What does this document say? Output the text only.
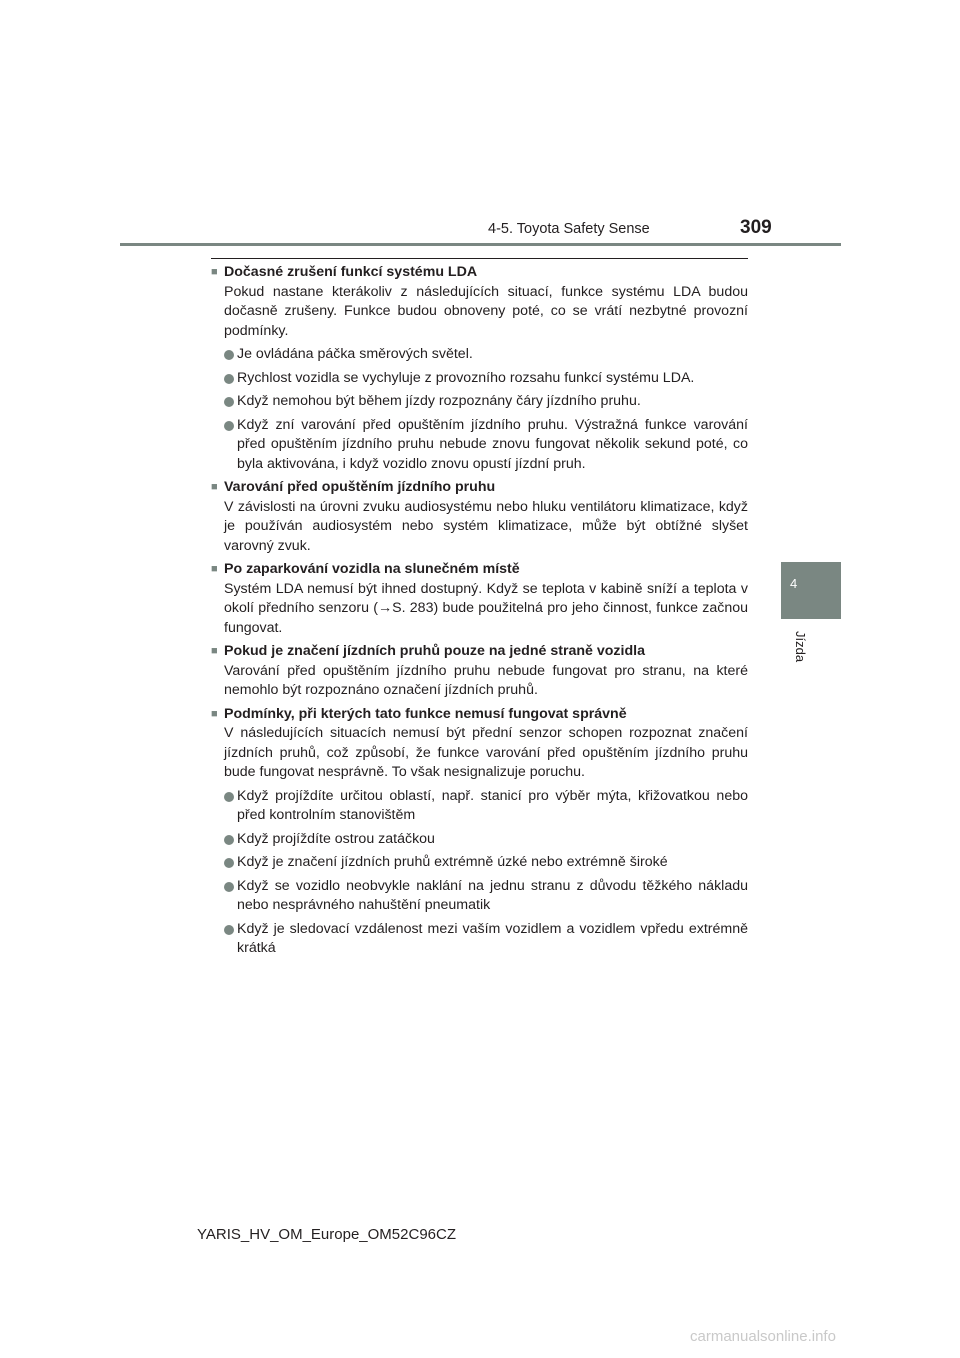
4-5. Toyota Safety Sense	309
4
Jízda
■ Dočasné zrušení funkcí systému LDA
Pokud nastane kterákoliv z následujících situací, funkce systému LDA budou dočasně zrušeny. Funkce budou obnoveny poté, co se vrátí nezbytné provozní podmínky.
Je ovládána páčka směrových světel.
Rychlost vozidla se vychyluje z provozního rozsahu funkcí systému LDA.
Když nemohou být během jízdy rozpoznány čáry jízdního pruhu.
Když zní varování před opuštěním jízdního pruhu. Výstražná funkce varování před opuštěním jízdního pruhu nebude znovu fungovat několik sekund poté, co byla aktivována, i když vozidlo znovu opustí jízdní pruh.
■ Varování před opuštěním jízdního pruhu
V závislosti na úrovni zvuku audiosystému nebo hluku ventilátoru klimatizace, když je používán audiosystém nebo systém klimatizace, může být obtížné slyšet varovný zvuk.
■ Po zaparkování vozidla na slunečném místě
Systém LDA nemusí být ihned dostupný. Když se teplota v kabině sníží a teplota v okolí předního senzoru (→S. 283) bude použitelná pro jeho činnost, funkce začnou fungovat.
■ Pokud je značení jízdních pruhů pouze na jedné straně vozidla
Varování před opuštěním jízdního pruhu nebude fungovat pro stranu, na které nemohlo být rozpoznáno označení jízdních pruhů.
■ Podmínky, při kterých tato funkce nemusí fungovat správně
V následujících situacích nemusí být přední senzor schopen rozpoznat značení jízdních pruhů, což způsobí, že funkce varování před opuštěním jízdního pruhu bude fungovat nesprávně. To však nesignalizuje poruchu.
Když projíždíte určitou oblastí, např. stanicí pro výběr mýta, křižovatkou nebo před kontrolním stanovištěm
Když projíždíte ostrou zatáčkou
Když je značení jízdních pruhů extrémně úzké nebo extrémně široké
Když se vozidlo neobvykle naklání na jednu stranu z důvodu těžkého nákladu nebo nesprávného nahuštění pneumatik
Když je sledovací vzdálenost mezi vaším vozidlem a vozidlem vpředu extrémně krátká
YARIS_HV_OM_Europe_OM52C96CZ
carmanualsonline.info
